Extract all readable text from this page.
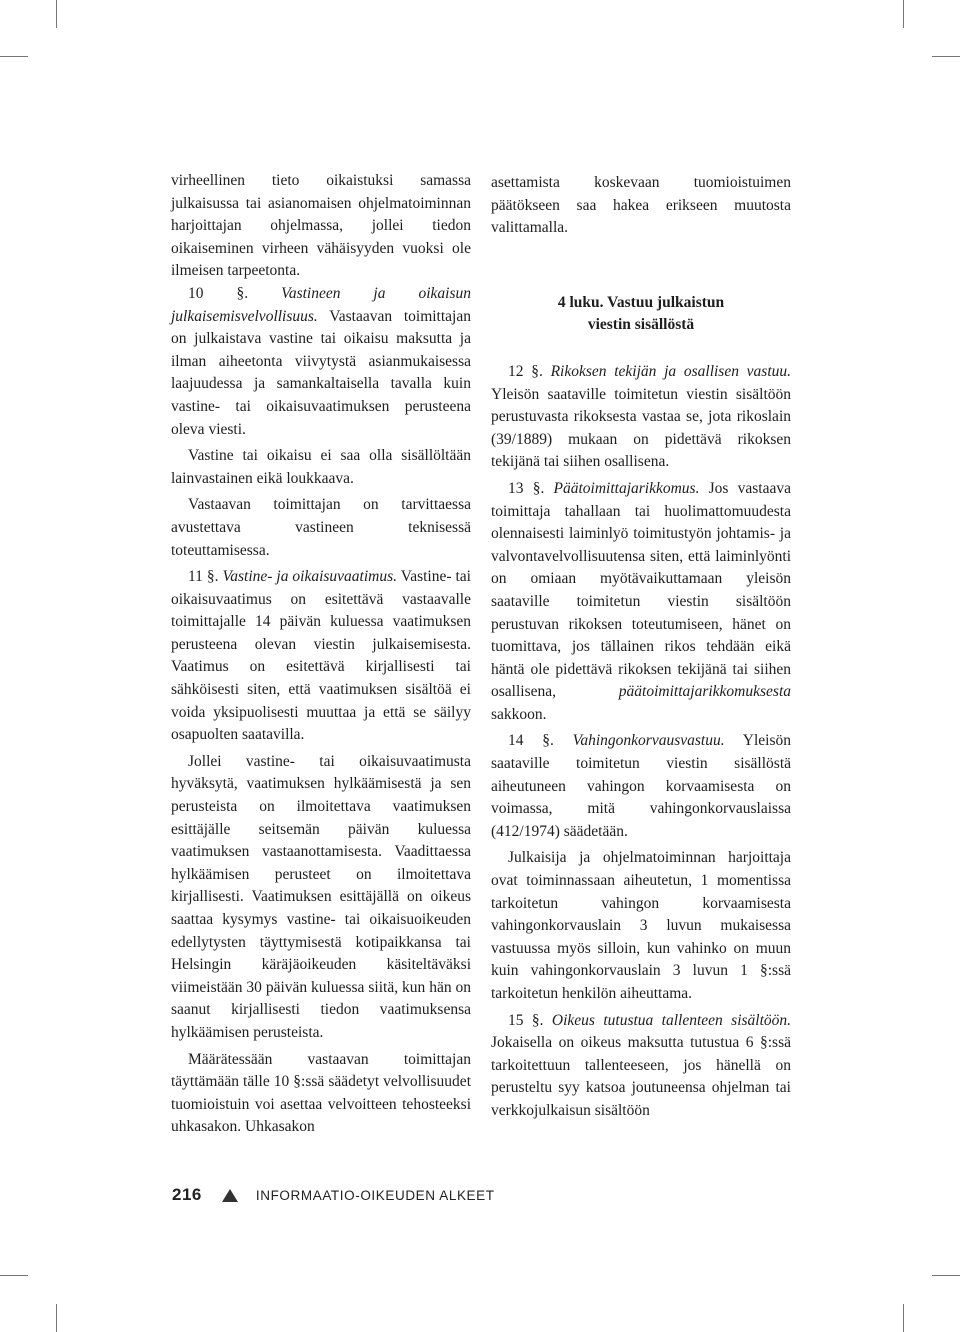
virheellinen tieto oikaistuksi samassa julkaisussa tai asianomaisen ohjelmatoiminnan harjoittajan ohjelmassa, jollei tiedon oikaiseminen virheen vähäisyyden vuoksi ole ilmeisen tarpeetonta.

10 §. Vastineen ja oikaisun julkaisemisvelvollisuus. Vastaavan toimittajan on julkaistava vastine tai oikaisu maksutta ja ilman aiheetonta viivytystä asianmukaisessa laajuudessa ja samankaltaisella tavalla kuin vastine- tai oikaisuvaatimuksen perusteena oleva viesti.

Vastine tai oikaisu ei saa olla sisällöltään lainvastainen eikä loukkaava.

Vastaavan toimittajan on tarvittaessa avustettava vastineen teknisessä toteuttamisessa.

11 §. Vastine- ja oikaisuvaatimus. Vastine- tai oikaisuvaatimus on esitettävä vastaavalle toimittajalle 14 päivän kuluessa vaatimuksen perusteena olevan viestin julkaisemisesta. Vaatimus on esitettävä kirjallisesti tai sähköisesti siten, että vaatimuksen sisältöä ei voida yksipuolisesti muuttaa ja että se säilyy osapuolten saatavilla.

Jollei vastine- tai oikaisuvaatimusta hyväksytä, vaatimuksen hylkäämisestä ja sen perusteista on ilmoitettava vaatimuksen esittäjälle seitsemän päivän kuluessa vaatimuksen vastaanottamisesta. Vaadittaessa hylkäämisen perusteet on ilmoitettava kirjallisesti. Vaatimuksen esittäjällä on oikeus saattaa kysymys vastine- tai oikaisuoikeuden edellytysten täyttymisestä kotipaikkansa tai Helsingin käräjäoikeuden käsiteltäväksi viimeistään 30 päivän kuluessa siitä, kun hän on saanut kirjallisesti tiedon vaatimuksensa hylkäämisen perusteista.

Määrätessään vastaavan toimittajan täyttämään tälle 10 §:ssä säädetyt velvollisuudet tuomioistuin voi asettaa velvoitteen tehosteeksi uhkasakon. Uhkasakon

asettamista koskevaan tuomioistuimen päätökseen saa hakea erikseen muutosta valittamalla.

4 luku. Vastuu julkaistun
viestin sisällöstä

12 §. Rikoksen tekijän ja osallisen vastuu. Yleisön saataville toimitetun viestin sisältöön perustuvasta rikoksesta vastaa se, jota rikoslain (39/1889) mukaan on pidettävä rikoksen tekijänä tai siihen osallisena.

13 §. Päätoimittajarikkomus. Jos vastaava toimittaja tahallaan tai huolimattomuudesta olennaisesti laiminlyö toimitustyön johtamis- ja valvontavelvollisuutensa siten, että laiminlyönti on omiaan myötävaikuttamaan yleisön saataville toimitetun viestin sisältöön perustuvan rikoksen toteutumiseen, hänet on tuomittava, jos tällainen rikos tehdään eikä häntä ole pidettävä rikoksen tekijänä tai siihen osallisena,	päätoimittajarikkomuksesta sakkoon.

14 §. Vahingonkorvausvastuu. Yleisön saataville toimitetun viestin sisällöstä aiheutuneen vahingon korvaamisesta on voimassa, mitä vahingonkorvauslaissa (412/1974) säädetään.

Julkaisija ja ohjelmatoiminnan harjoittaja ovat toiminnassaan aiheutetun, 1 momentissa tarkoitetun vahingon korvaamisesta vahingonkorvauslain 3 luvun mukaisessa vastuussa myös silloin, kun vahinko on muun kuin vahingonkorvauslain 3 luvun 1 §:ssä tarkoitetun henkilön aiheuttama.

15 §. Oikeus tutustua tallenteen sisältöön. Jokaisella on oikeus maksutta tutustua 6 §:ssä tarkoitettuun tallenteeseen, jos hänellä on perusteltu syy katsoa joutuneensa ohjelman tai verkkojulkaisun sisältöön

216	INFORMAATIO-OIKEUDEN ALKEET
